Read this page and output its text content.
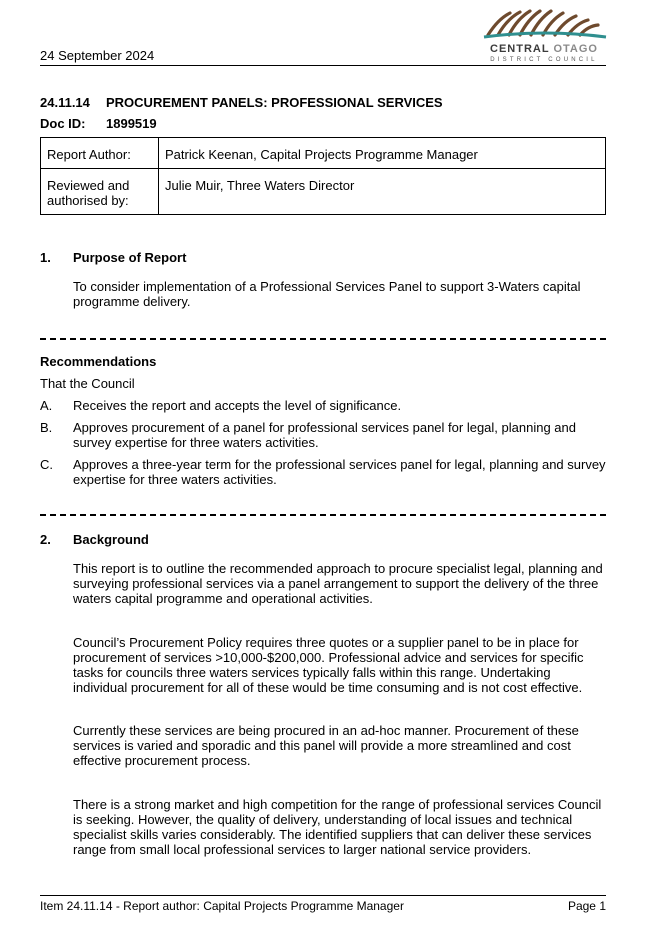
24 September 2024	CENTRAL OTAGO
DISTRICT COUNCIL
24.11.14 PROCUREMENT PANELS: PROFESSIONAL SERVICES
Doc ID: 1899519
Report Author:	Patrick Keenan, Capital Projects Programme Manager
Reviewed and authorised by:	Julie Muir, Three Waters Director
1. Purpose of Report
To consider implementation of a Professional Services Panel to support 3-Waters capital programme delivery.
Recommendations
That the Council
A. Receives the report and accepts the level of significance.
B. Approves procurement of a panel for professional services panel for legal, planning and survey expertise for three waters activities.
C. Approves a three-year term for the professional services panel for legal, planning and survey expertise for three waters activities.
2. Background
This report is to outline the recommended approach to procure specialist legal, planning and surveying professional services via a panel arrangement to support the delivery of the three waters capital programme and operational activities.
Council’s Procurement Policy requires three quotes or a supplier panel to be in place for procurement of services >10,000-$200,000. Professional advice and services for specific tasks for councils three waters services typically falls within this range. Undertaking individual procurement for all of these would be time consuming and is not cost effective.
Currently these services are being procured in an ad-hoc manner. Procurement of these services is varied and sporadic and this panel will provide a more streamlined and cost effective procurement process.
There is a strong market and high competition for the range of professional services Council is seeking. However, the quality of delivery, understanding of local issues and technical specialist skills varies considerably. The identified suppliers that can deliver these services range from small local professional services to larger national service providers.
Item 24.11.14 - Report author: Capital Projects Programme Manager	Page 1
